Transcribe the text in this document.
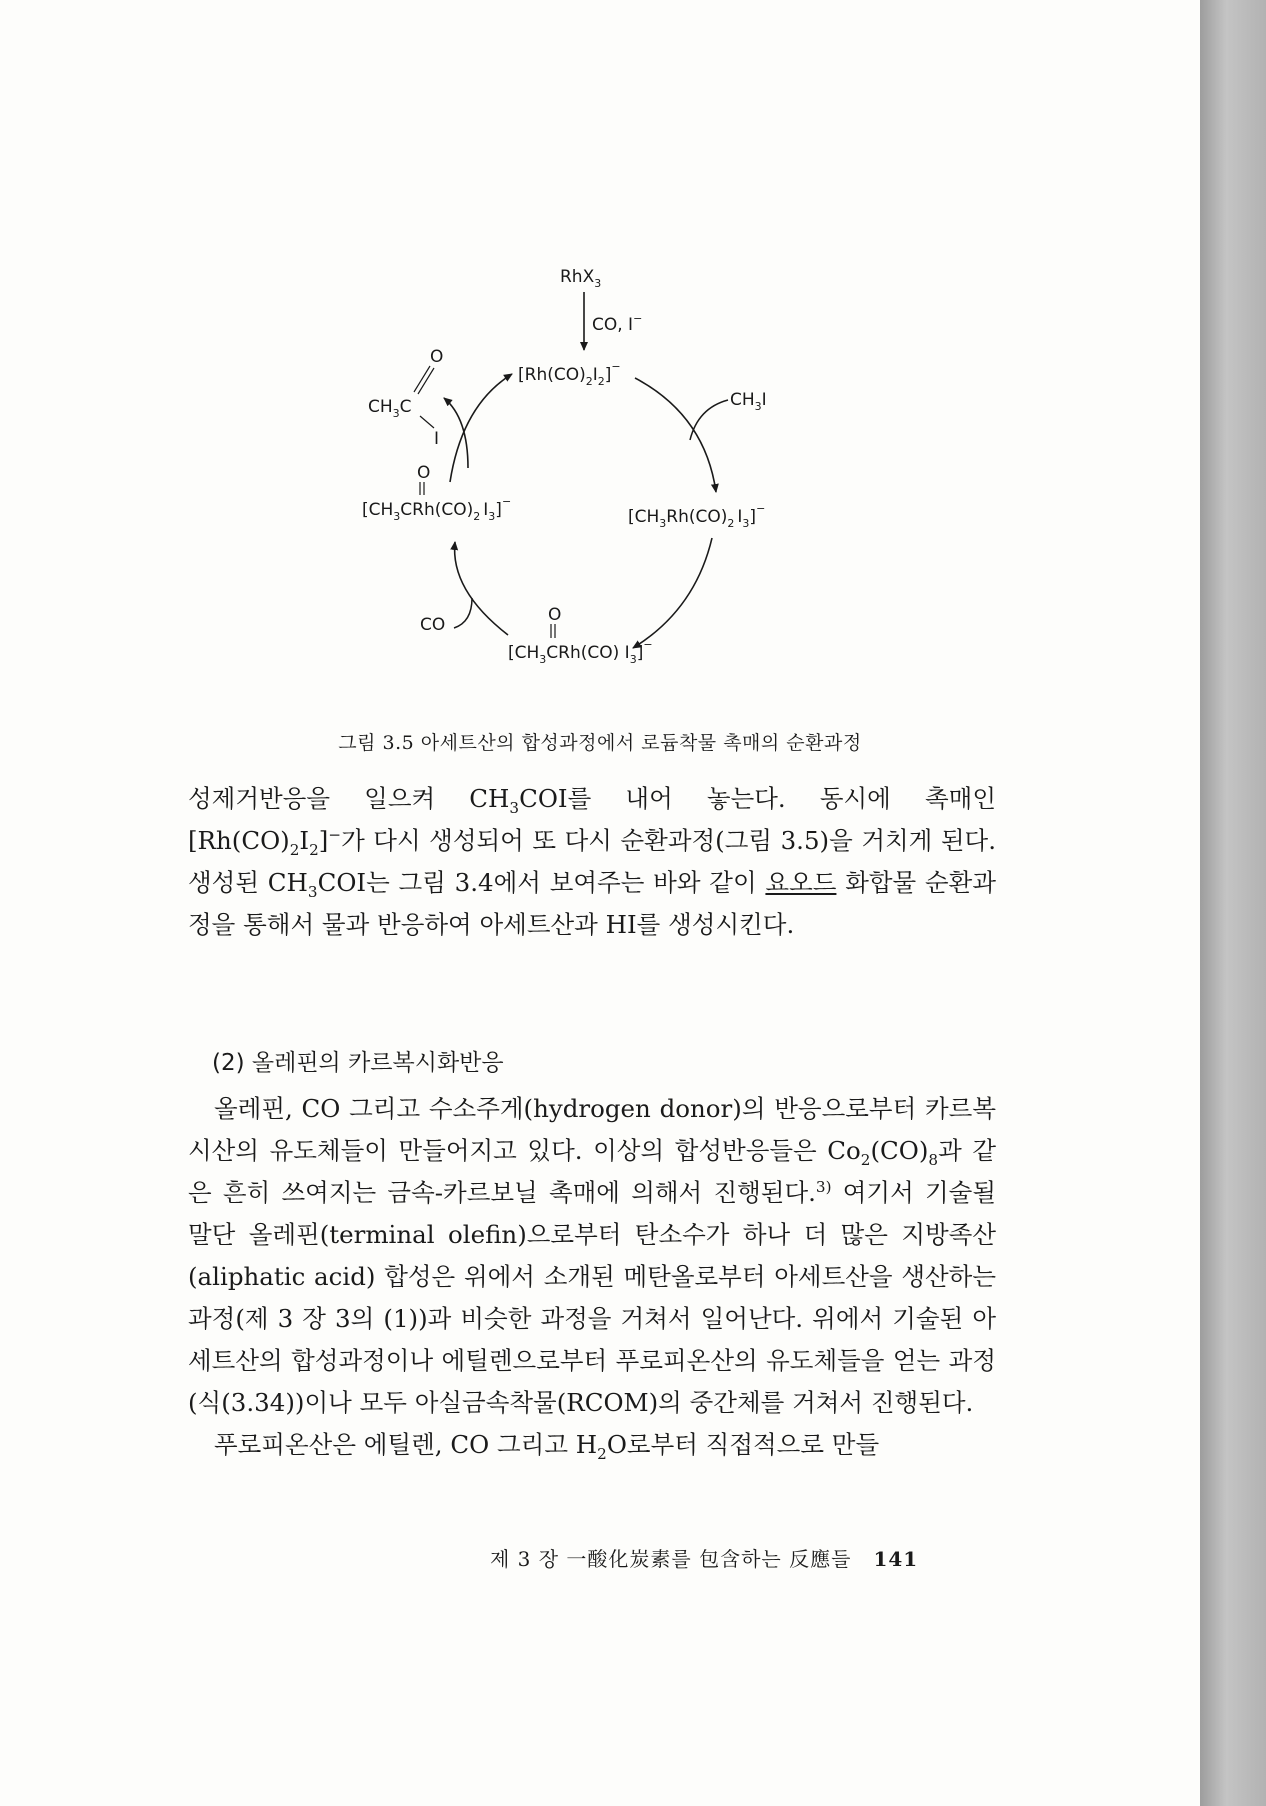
RhX$_3$
CO, I−
$[Rh(CO)_2I_2]^-$
$CH_3I$
[$CH_3Rh(CO)_2$ $I_3]^-$
O
[$CH_3CRh(CO)$ $I_3]^-$
CO
O
[$CH_3CRh(CO)_2$ $I_3]^-$
O
$CH_3C$
I
그림 3.5 아세트산의 합성과정에서 로듐착물 촉매의 순환과정

성제거반응을 일으켜 $CH_3COI$를 내어 놓는다. 동시에 촉매인 $[Rh(CO)_2I_2]^-$가 다시 생성되어 또 다시 순환과정(그림 3.5)을 거치게 된다. 생성된 $CH_3COI$는 그림 3.4에서 보여주는 바와 같이 요오드 화합물 순환과정을 통해서 물과 반응하여 아세트산과 HI를 생성시킨다.

(2) 올레핀의 카르복시화반응

올레핀, CO 그리고 수소주게(hydrogen donor)의 반응으로부터 카르복시산의 유도체들이 만들어지고 있다. 이상의 합성반응들은 $Co_2(CO)_8$과 같은 흔히 쓰여지는 금속-카르보닐 촉매에 의해서 진행된다.$^{3)}$ 여기서 기술될 말단 올레핀(terminal olefin)으로부터 탄소수가 하나 더 많은 지방족산(aliphatic acid) 합성은 위에서 소개된 메탄올로부터 아세트산을 생산하는 과정(제 3 장 3의 (1))과 비슷한 과정을 거쳐서 일어난다. 위에서 기술된 아세트산의 합성과정이나 에틸렌으로부터 푸로피온산의 유도체들을 얻는 과정(식(3.34))이나 모두 아실금속착물(RCOM)의 중간체를 거쳐서 진행된다.

푸로피온산은 에틸렌, CO 그리고 $H_2O$로부터 직접적으로 만들

제 3 장 一酸化炭素를 包含하는 反應들 141
